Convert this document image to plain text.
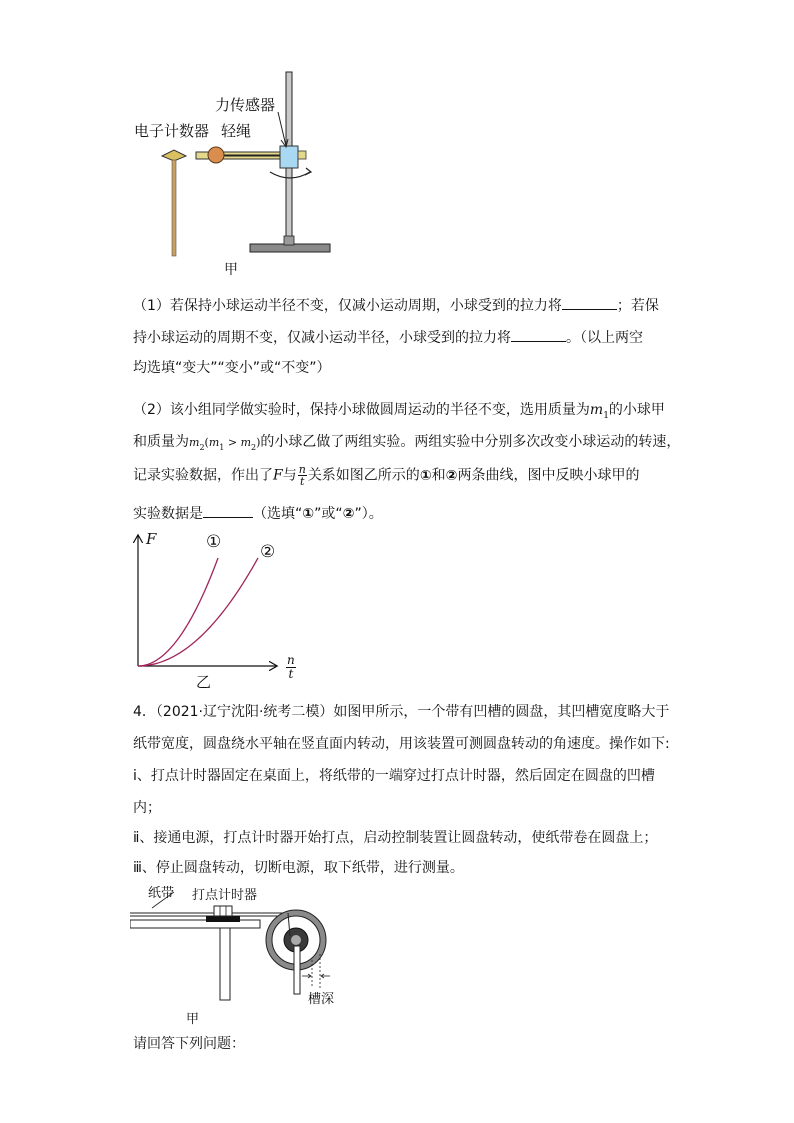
力传感器
电子计数器 轻绳
甲
（1）若保持小球运动半径不变，仅减小运动周期，小球受到的拉力将	；若保
持小球运动的周期不变，仅减小运动半径，小球受到的拉力将	。（以上两空
均选填“变大”“变小”或“不变”）
（2）该小组同学做实验时，保持小球做圆周运动的半径不变，选用质量为$m_1$的小球甲
和质量为$m_2(m_1 > m_2)$的小球乙做了两组实验。两组实验中分别多次改变小球运动的转速，
记录实验数据，作出了F与 $\frac{n}{t}$ 关系如图乙所示的①和②两条曲线，图中反映小球甲的
实验数据是	（选填“①”或“②”）。
F
$\frac{n}{t}$
① ②
乙
4．（2021·辽宁沈阳·统考二模）如图甲所示，一个带有凹槽的圆盘，其凹槽宽度略大于
纸带宽度，圆盘绕水平轴在竖直面内转动，用该装置可测圆盘转动的角速度。操作如下:
ⅰ、打点计时器固定在桌面上，将纸带的一端穿过打点计时器，然后固定在圆盘的凹槽
内；
ⅱ、接通电源，打点计时器开始打点，启动控制装置让圆盘转动，使纸带卷在圆盘上；
ⅲ、停止圆盘转动，切断电源，取下纸带，进行测量。
纸带 打点计时器
槽深
甲
请回答下列问题：
